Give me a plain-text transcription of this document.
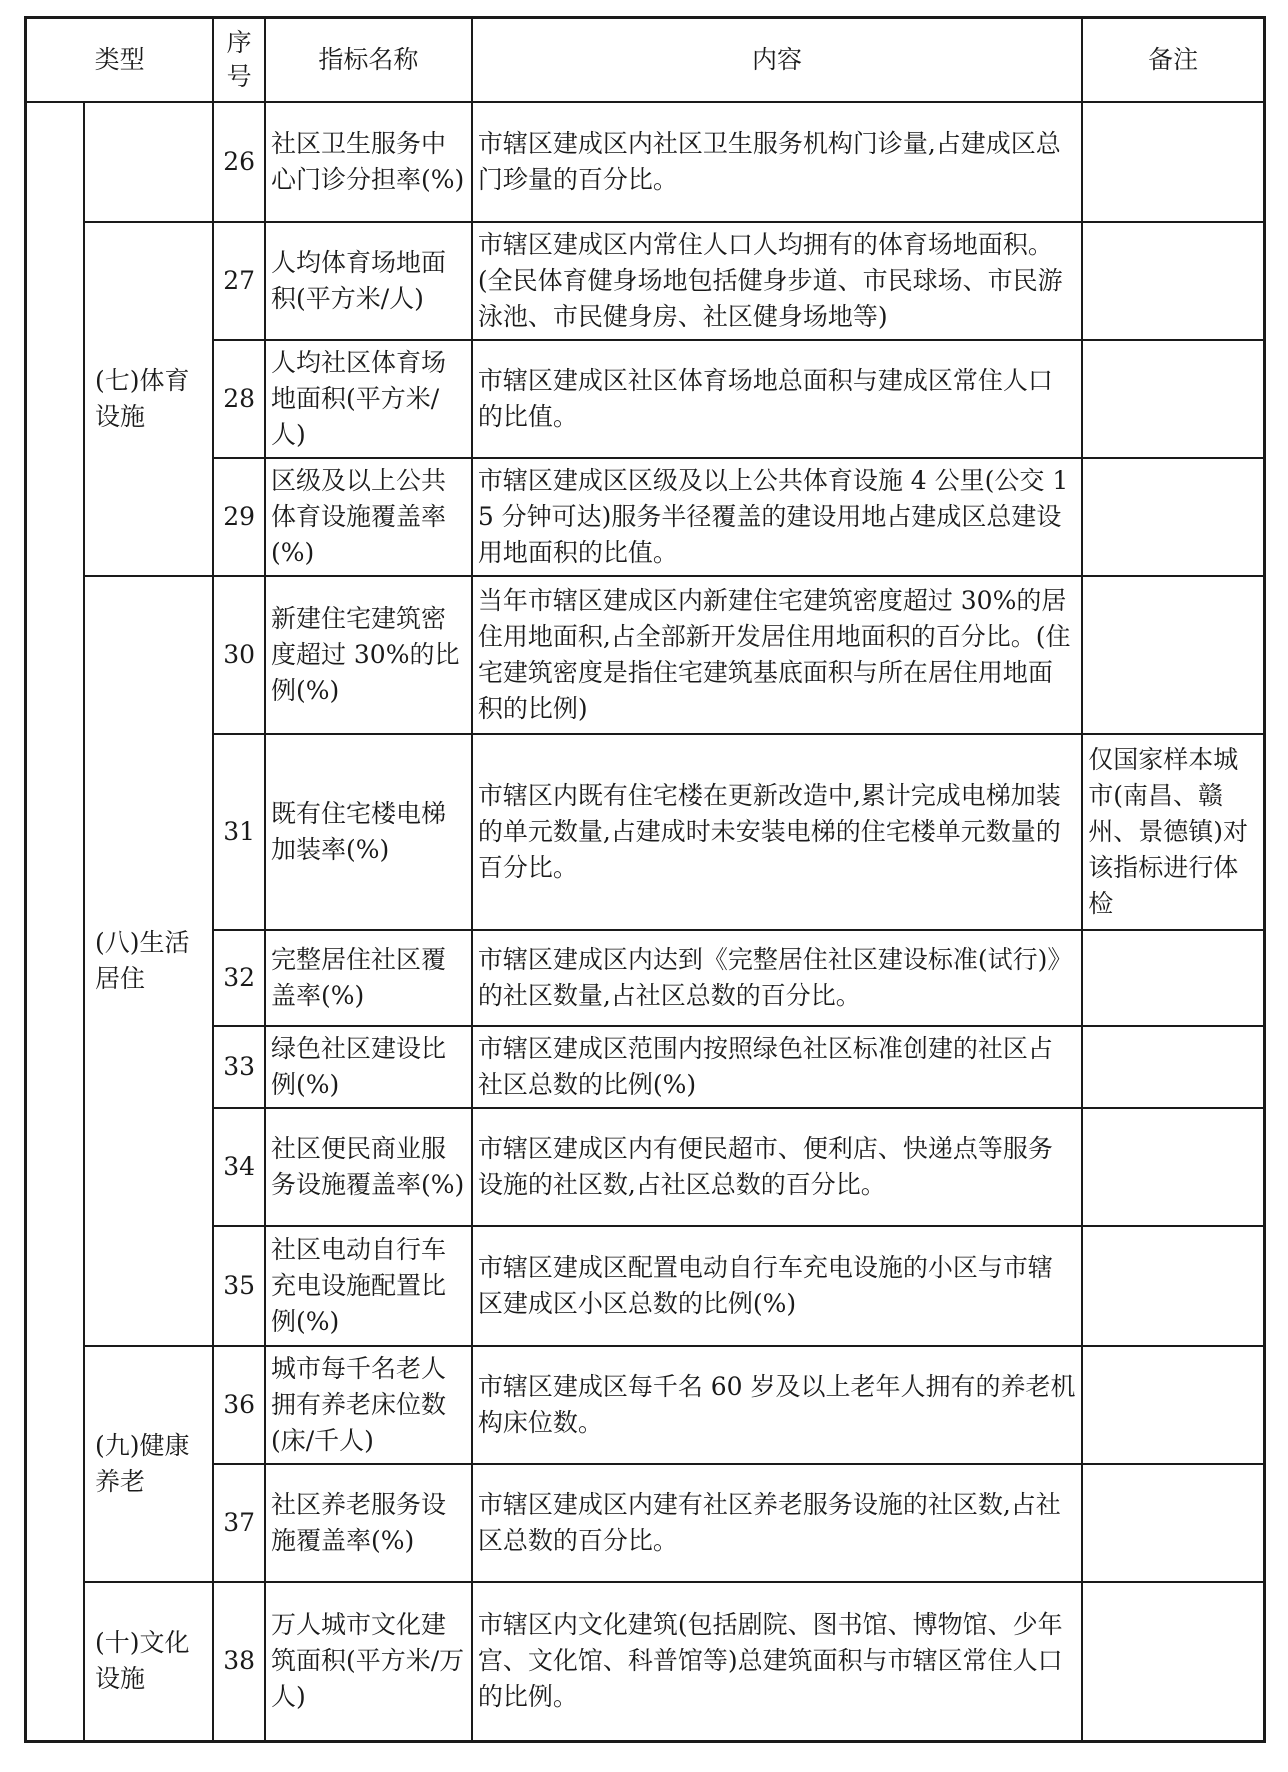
类型		序号	指标名称	内容	备注
		26	社区卫生服务中心门诊分担率(%)	市辖区建成区内社区卫生服务机构门诊量,占建成区总门珍量的百分比。	
	(七)体育设施	27	人均体育场地面积(平方米/人)	市辖区建成区内常住人口人均拥有的体育场地面积。(全民体育健身场地包括健身步道、市民球场、市民游泳池、市民健身房、社区健身场地等)	
		28	人均社区体育场地面积(平方米/人)	市辖区建成区社区体育场地总面积与建成区常住人口的比值。	
		29	区级及以上公共体育设施覆盖率(%)	市辖区建成区区级及以上公共体育设施 4 公里(公交 15 分钟可达)服务半径覆盖的建设用地占建成区总建设用地面积的比值。	
	(八)生活居住	30	新建住宅建筑密度超过 30%的比例(%)	当年市辖区建成区内新建住宅建筑密度超过 30%的居住用地面积,占全部新开发居住用地面积的百分比。(住宅建筑密度是指住宅建筑基底面积与所在居住用地面积的比例)	
		31	既有住宅楼电梯加装率(%)	市辖区内既有住宅楼在更新改造中,累计完成电梯加装的单元数量,占建成时未安装电梯的住宅楼单元数量的百分比。	仅国家样本城市(南昌、赣州、景德镇)对该指标进行体检
		32	完整居住社区覆盖率(%)	市辖区建成区内达到《完整居住社区建设标准(试行)》的社区数量,占社区总数的百分比。	
		33	绿色社区建设比例(%)	市辖区建成区范围内按照绿色社区标准创建的社区占社区总数的比例(%)	
		34	社区便民商业服务设施覆盖率(%)	市辖区建成区内有便民超市、便利店、快递点等服务设施的社区数,占社区总数的百分比。	
		35	社区电动自行车充电设施配置比例(%)	市辖区建成区配置电动自行车充电设施的小区与市辖区建成区小区总数的比例(%)	
	(九)健康养老	36	城市每千名老人拥有养老床位数(床/千人)	市辖区建成区每千名 60 岁及以上老年人拥有的养老机构床位数。	
		37	社区养老服务设施覆盖率(%)	市辖区建成区内建有社区养老服务设施的社区数,占社区总数的百分比。	
	(十)文化设施	38	万人城市文化建筑面积(平方米/万人)	市辖区内文化建筑(包括剧院、图书馆、博物馆、少年宫、文化馆、科普馆等)总建筑面积与市辖区常住人口的比例。	
